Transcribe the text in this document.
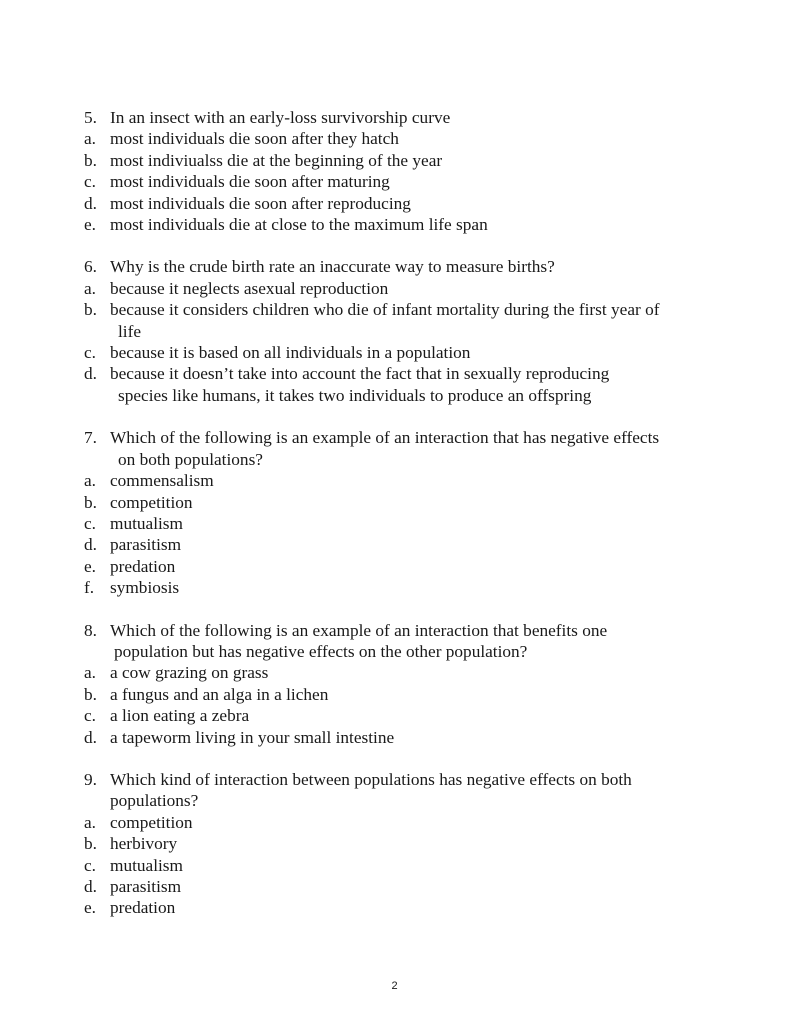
5. In an insect with an early-loss survivorship curve
a. most individuals die soon after they hatch
b. most indiviualss die at the beginning of the year
c. most individuals die soon after maturing
d. most individuals die soon after reproducing
e. most individuals die at close to the maximum life span
6. Why is the crude birth rate an inaccurate way to measure births?
a. because it neglects asexual reproduction
b. because it considers children who die of infant mortality during the first year of
life
c. because it is based on all individuals in a population
d. because it doesn’t take into account the fact that in sexually reproducing
species like humans, it takes two individuals to produce an offspring
7. Which of the following is an example of an interaction that has negative effects
on both populations?
a. commensalism
b. competition
c. mutualism
d. parasitism
e. predation
f. symbiosis
8. Which of the following is an example of an interaction that benefits one
population but has negative effects on the other population?
a. a cow grazing on grass
b. a fungus and an alga in a lichen
c. a lion eating a zebra
d. a tapeworm living in your small intestine
9. Which kind of interaction between populations has negative effects on both
populations?
a. competition
b. herbivory
c. mutualism
d. parasitism
e. predation
2
